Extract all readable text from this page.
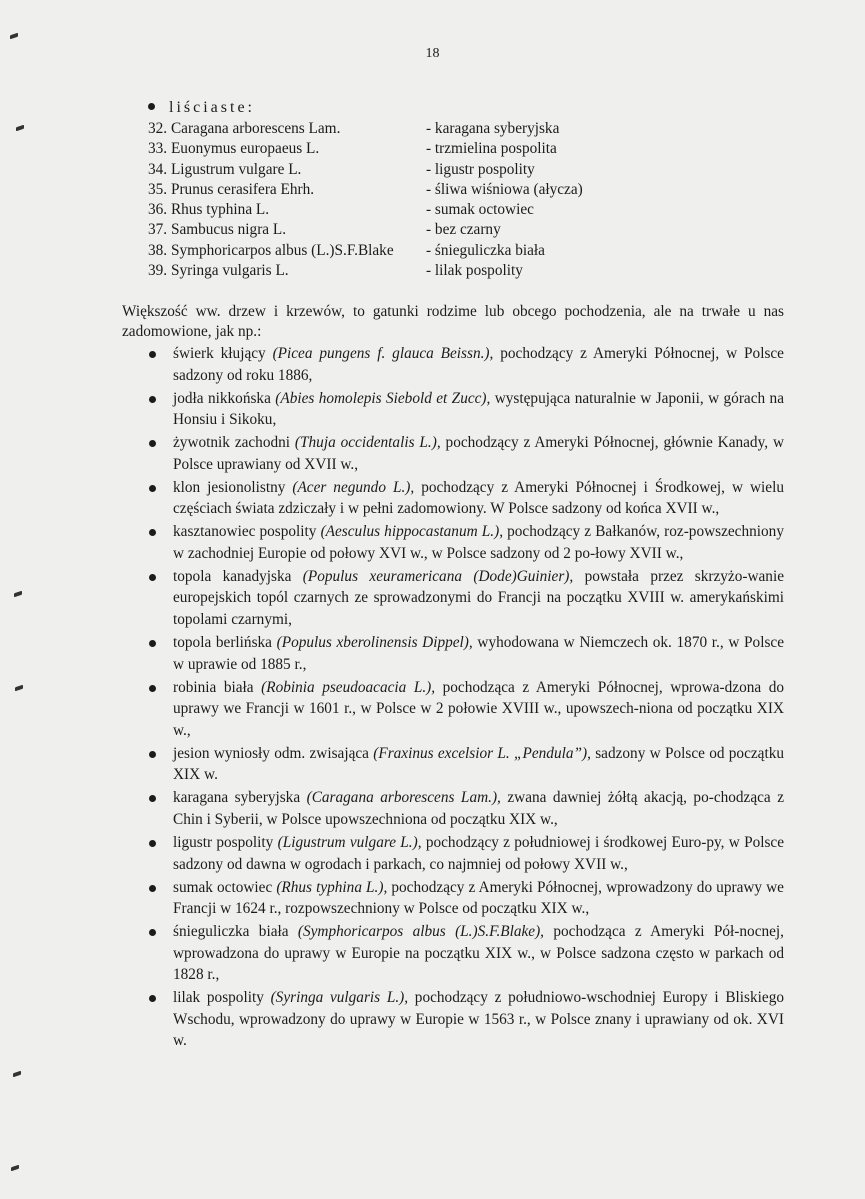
18
liściaste:
32. Caragana arborescens Lam.	- karagana syberyjska
33. Euonymus europaeus L.	- trzmielina pospolita
34. Ligustrum vulgare L.	- ligustr pospolity
35. Prunus cerasifera Ehrh.	- śliwa wiśniowa (ałycza)
36. Rhus typhina L.	- sumak octowiec
37. Sambucus nigra L.	- bez czarny
38. Symphoricarpos albus (L.)S.F.Blake	- śnieguliczka biała
39. Syringa vulgaris L.	- lilak pospolity

Większość ww. drzew i krzewów, to gatunki rodzime lub obcego pochodzenia, ale na trwałe u nas zadomowione, jak np.:

świerk kłujący (Picea pungens f. glauca Beissn.), pochodzący z Ameryki Północnej, w Polsce sadzony od roku 1886,
jodła nikkońska (Abies homolepis Siebold et Zucc), występująca naturalnie w Japonii, w górach na Honsiu i Sikoku,
żywotnik zachodni (Thuja occidentalis L.), pochodzący z Ameryki Północnej, głównie Kanady, w Polsce uprawiany od XVII w.,
klon jesionolistny (Acer negundo L.), pochodzący z Ameryki Północnej i Środkowej, w wielu częściach świata zdziczały i w pełni zadomowiony. W Polsce sadzony od końca XVII w.,
kasztanowiec pospolity (Aesculus hippocastanum L.), pochodzący z Bałkanów, roz-powszechniony w zachodniej Europie od połowy XVI w., w Polsce sadzony od 2 po-łowy XVII w.,
topola kanadyjska (Populus xeuramericana (Dode)Guinier), powstała przez skrzyżo-wanie europejskich topól czarnych ze sprowadzonymi do Francji na początku XVIII w. amerykańskimi topolami czarnymi,
topola berlińska (Populus xberolinensis Dippel), wyhodowana w Niemczech ok. 1870 r., w Polsce w uprawie od 1885 r.,
robinia biała (Robinia pseudoacacia L.), pochodząca z Ameryki Północnej, wprowa-dzona do uprawy we Francji w 1601 r., w Polsce w 2 połowie XVIII w., upowszech-niona od początku XIX w.,
jesion wyniosły odm. zwisająca (Fraxinus excelsior L. „Pendula”), sadzony w Polsce od początku XIX w.
karagana syberyjska (Caragana arborescens Lam.), zwana dawniej żółtą akacją, po-chodząca z Chin i Syberii, w Polsce upowszechniona od początku XIX w.,
ligustr pospolity (Ligustrum vulgare L.), pochodzący z południowej i środkowej Euro-py, w Polsce sadzony od dawna w ogrodach i parkach, co najmniej od połowy XVII w.,
sumak octowiec (Rhus typhina L.), pochodzący z Ameryki Północnej, wprowadzony do uprawy we Francji w 1624 r., rozpowszechniony w Polsce od początku XIX w.,
śnieguliczka biała (Symphoricarpos albus (L.)S.F.Blake), pochodząca z Ameryki Pół-nocnej, wprowadzona do uprawy w Europie na początku XIX w., w Polsce sadzona często w parkach od 1828 r.,
lilak pospolity (Syringa vulgaris L.), pochodzący z południowo-wschodniej Europy i Bliskiego Wschodu, wprowadzony do uprawy w Europie w 1563 r., w Polsce znany i uprawiany od ok. XVI w.
